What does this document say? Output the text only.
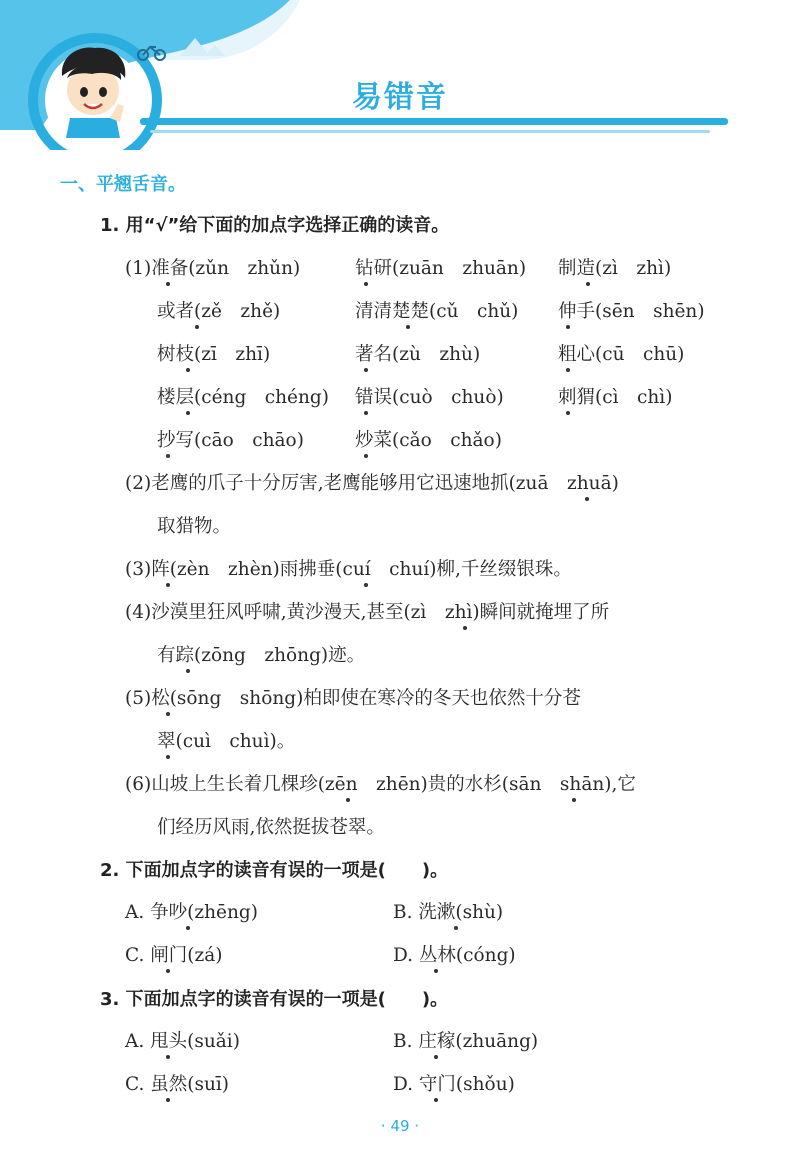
易错音
一、平翘舌音。
1. 用“√”给下面的加点字选择正确的读音。
(1)准备(zǔn　zhǔn)	钻研(zuān　zhuān) 制造(zì　zhì)
或者(zě　zhě)	清清楚楚(cǔ　chǔ) 伸手(sēn　shēn)
树枝(zī　zhī)	著名(zù　zhù)	粗心(cū　chū)
楼层(céng　chéng) 错误(cuò　chuò)	刺猬(cì　chì)
抄写(cāo　chāo)	炒菜(cǎo　chǎo)
(2)老鹰的爪子十分厉害,老鹰能够用它迅速地抓(zuā　zhuā)
取猎物。
(3)阵(zèn　zhèn)雨拂垂(cuí　chuí)柳,千丝缀银珠。
(4)沙漠里狂风呼啸,黄沙漫天,甚至(zì　zhì)瞬间就掩埋了所
有踪(zōng　zhōng)迹。
(5)松(sōng　shōng)柏即使在寒冷的冬天也依然十分苍
翠(cuì　chuì)。
(6)山坡上生长着几棵珍(zēn　zhēn)贵的水杉(sān　shān),它
们经历风雨,依然挺拔苍翠。
2. 下面加点字的读音有误的一项是(　　)。
A. 争吵(zhēng)	B. 洗漱(shù)
C. 闸门(zá)	D. 丛林(cóng)
3. 下面加点字的读音有误的一项是(　　)。
A. 甩头(suǎi)	B. 庄稼(zhuāng)
C. 虽然(suī)	D. 守门(shǒu)
· 49 ·
